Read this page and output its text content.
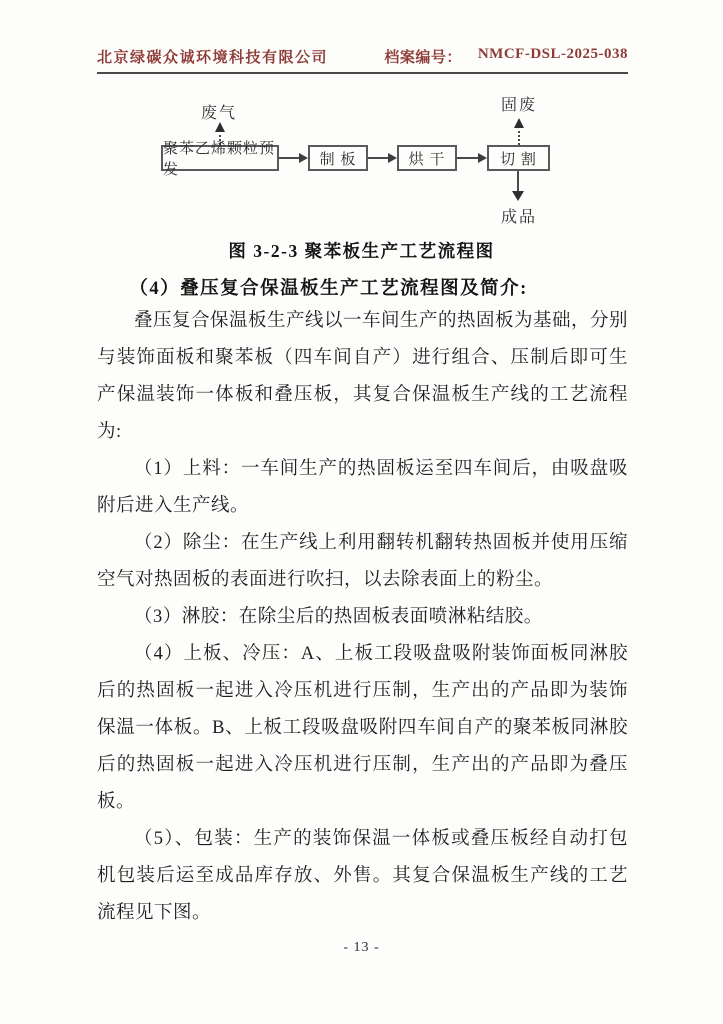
北京绿碳众诚环境科技有限公司	档案编号： NMCF-DSL-2025-038
废气	固废
聚苯乙烯颗粒预发
制 板	烘 干	切 割
成品
图 3-2-3 聚苯板生产工艺流程图
（4）叠压复合保温板生产工艺流程图及简介:

叠压复合保温板生产线以一车间生产的热固板为基础，分别与装饰面板和聚苯板（四车间自产）进行组合、压制后即可生产保温装饰一体板和叠压板，其复合保温板生产线的工艺流程为:

（1）上料：一车间生产的热固板运至四车间后，由吸盘吸附后进入生产线。

（2）除尘：在生产线上利用翻转机翻转热固板并使用压缩空气对热固板的表面进行吹扫，以去除表面上的粉尘。

（3）淋胶：在除尘后的热固板表面喷淋粘结胶。

（4）上板、冷压：A、上板工段吸盘吸附装饰面板同淋胶后的热固板一起进入冷压机进行压制，生产出的产品即为装饰保温一体板。B、上板工段吸盘吸附四车间自产的聚苯板同淋胶后的热固板一起进入冷压机进行压制，生产出的产品即为叠压板。

（5）、包装：生产的装饰保温一体板或叠压板经自动打包机包装后运至成品库存放、外售。其复合保温板生产线的工艺流程见下图。

- 13 -
